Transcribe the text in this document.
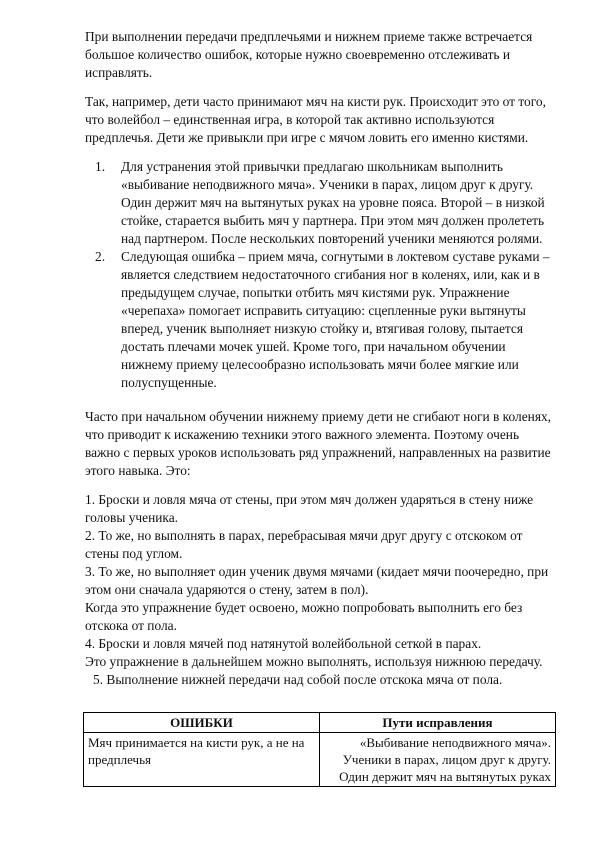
При выполнении передачи предплечьями и нижнем приеме также встречается большое количество ошибок, которые нужно своевременно отслеживать и исправлять.

Так, например, дети часто принимают мяч на кисти рук. Происходит это от того, что волейбол – единственная игра, в которой так активно используются предплечья. Дети же привыкли при игре с мячом ловить его именно кистями.

1. Для устранения этой привычки предлагаю школьникам выполнить «выбивание неподвижного мяча». Ученики в парах, лицом друг к другу. Один держит мяч на вытянутых руках на уровне пояса. Второй – в низкой стойке, старается выбить мяч у партнера. При этом мяч должен пролететь над партнером. После нескольких повторений ученики меняются ролями.
2. Следующая ошибка – прием мяча, согнутыми в локтевом суставе руками – является следствием недостаточного сгибания ног в коленях, или, как и в предыдущем случае, попытки отбить мяч кистями рук. Упражнение «черепаха» помогает исправить ситуацию: сцепленные руки вытянуты вперед, ученик выполняет низкую стойку и, втягивая голову, пытается достать плечами мочек ушей. Кроме того, при начальном обучении нижнему приему целесообразно использовать мячи более мягкие или полуспущенные.

Часто при начальном обучении нижнему приему дети не сгибают ноги в коленях, что приводит к искажению техники этого важного элемента. Поэтому очень важно с первых уроков использовать ряд упражнений, направленных на развитие этого навыка. Это:

1. Броски и ловля мяча от стены, при этом мяч должен ударяться в стену ниже головы ученика.
2. То же, но выполнять в парах, перебрасывая мячи друг другу с отскоком от стены под углом.
3. То же, но выполняет один ученик двумя мячами (кидает мячи поочередно, при этом они сначала ударяются о стену, затем в пол).
Когда это упражнение будет освоено, можно попробовать выполнить его без отскока от пола.
4. Броски и ловля мячей под натянутой волейбольной сеткой в парах.
Это упражнение в дальнейшем можно выполнять, используя нижнюю передачу.
5. Выполнение нижней передачи над собой после отскока мяча от пола.
ОШИБКИ	Пути исправления
Мяч принимается на кисти рук, а не на предплечья	«Выбивание неподвижного мяча».
Ученики в парах, лицом друг к другу.
Один держит мяч на вытянутых руках
